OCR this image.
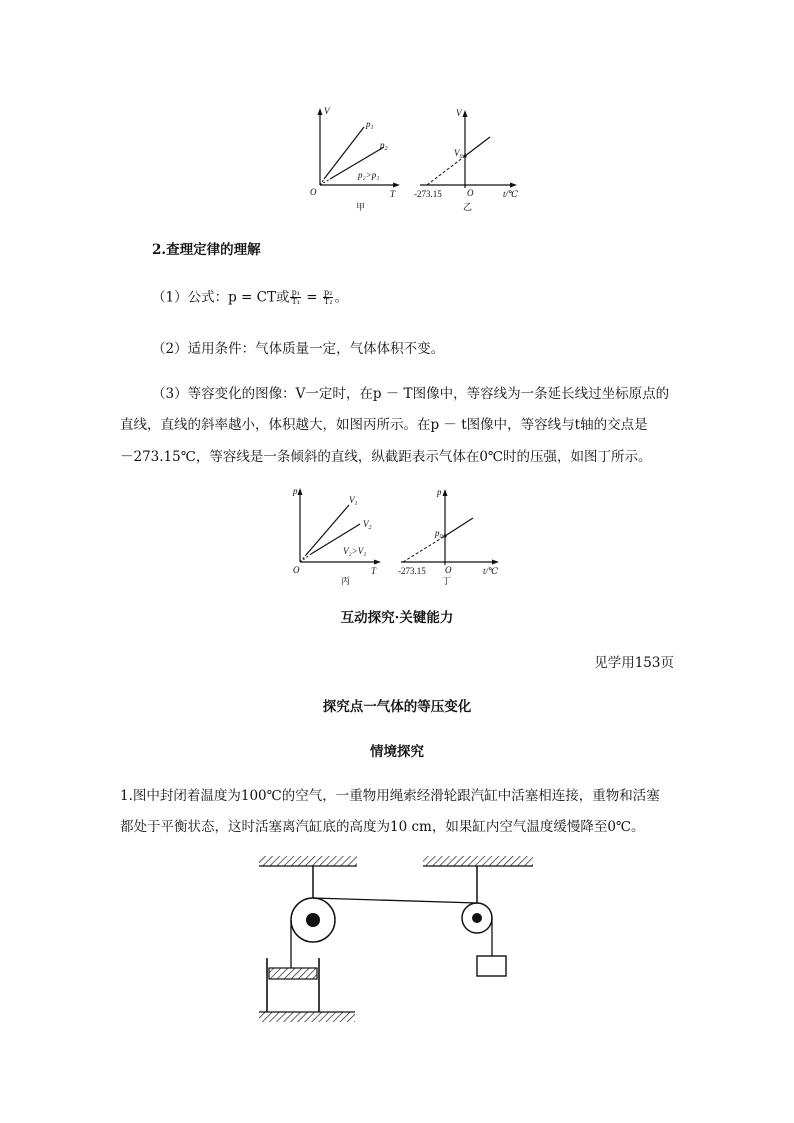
V
T
O
$p_1$
$p_2$
p₂>p₁
甲
V
t/℃
O
$V_0$
-273.15
乙
2.查理定律的理解
（1）公式：p = CT或 $\frac{\text{p₁}}{\text{T₁}} = \frac{\text{p₂}}{\text{T₂}}$ 。
（2）适用条件：气体质量一定，气体体积不变。
（3）等容变化的图像：V一定时，在p － T图像中，等容线为一条延长线过坐标原点的
直线，直线的斜率越小，体积越大，如图丙所示。在p － t图像中，等容线与t轴的交点是
－273.15℃，等容线是一条倾斜的直线，纵截距表示气体在0℃时的压强，如图丁所示。
p
T
O
$V_1$
$V_2$
V₂>V₁
丙
p
t/℃
O
$p_0$
-273.15
丁
互动探究·关键能力
见学用153页
探究点一气体的等压变化
情境探究
1.图中封闭着温度为100℃的空气，一重物用绳索经滑轮跟汽缸中活塞相连接，重物和活塞
都处于平衡状态，这时活塞离汽缸底的高度为10 cm，如果缸内空气温度缓慢降至0℃。
